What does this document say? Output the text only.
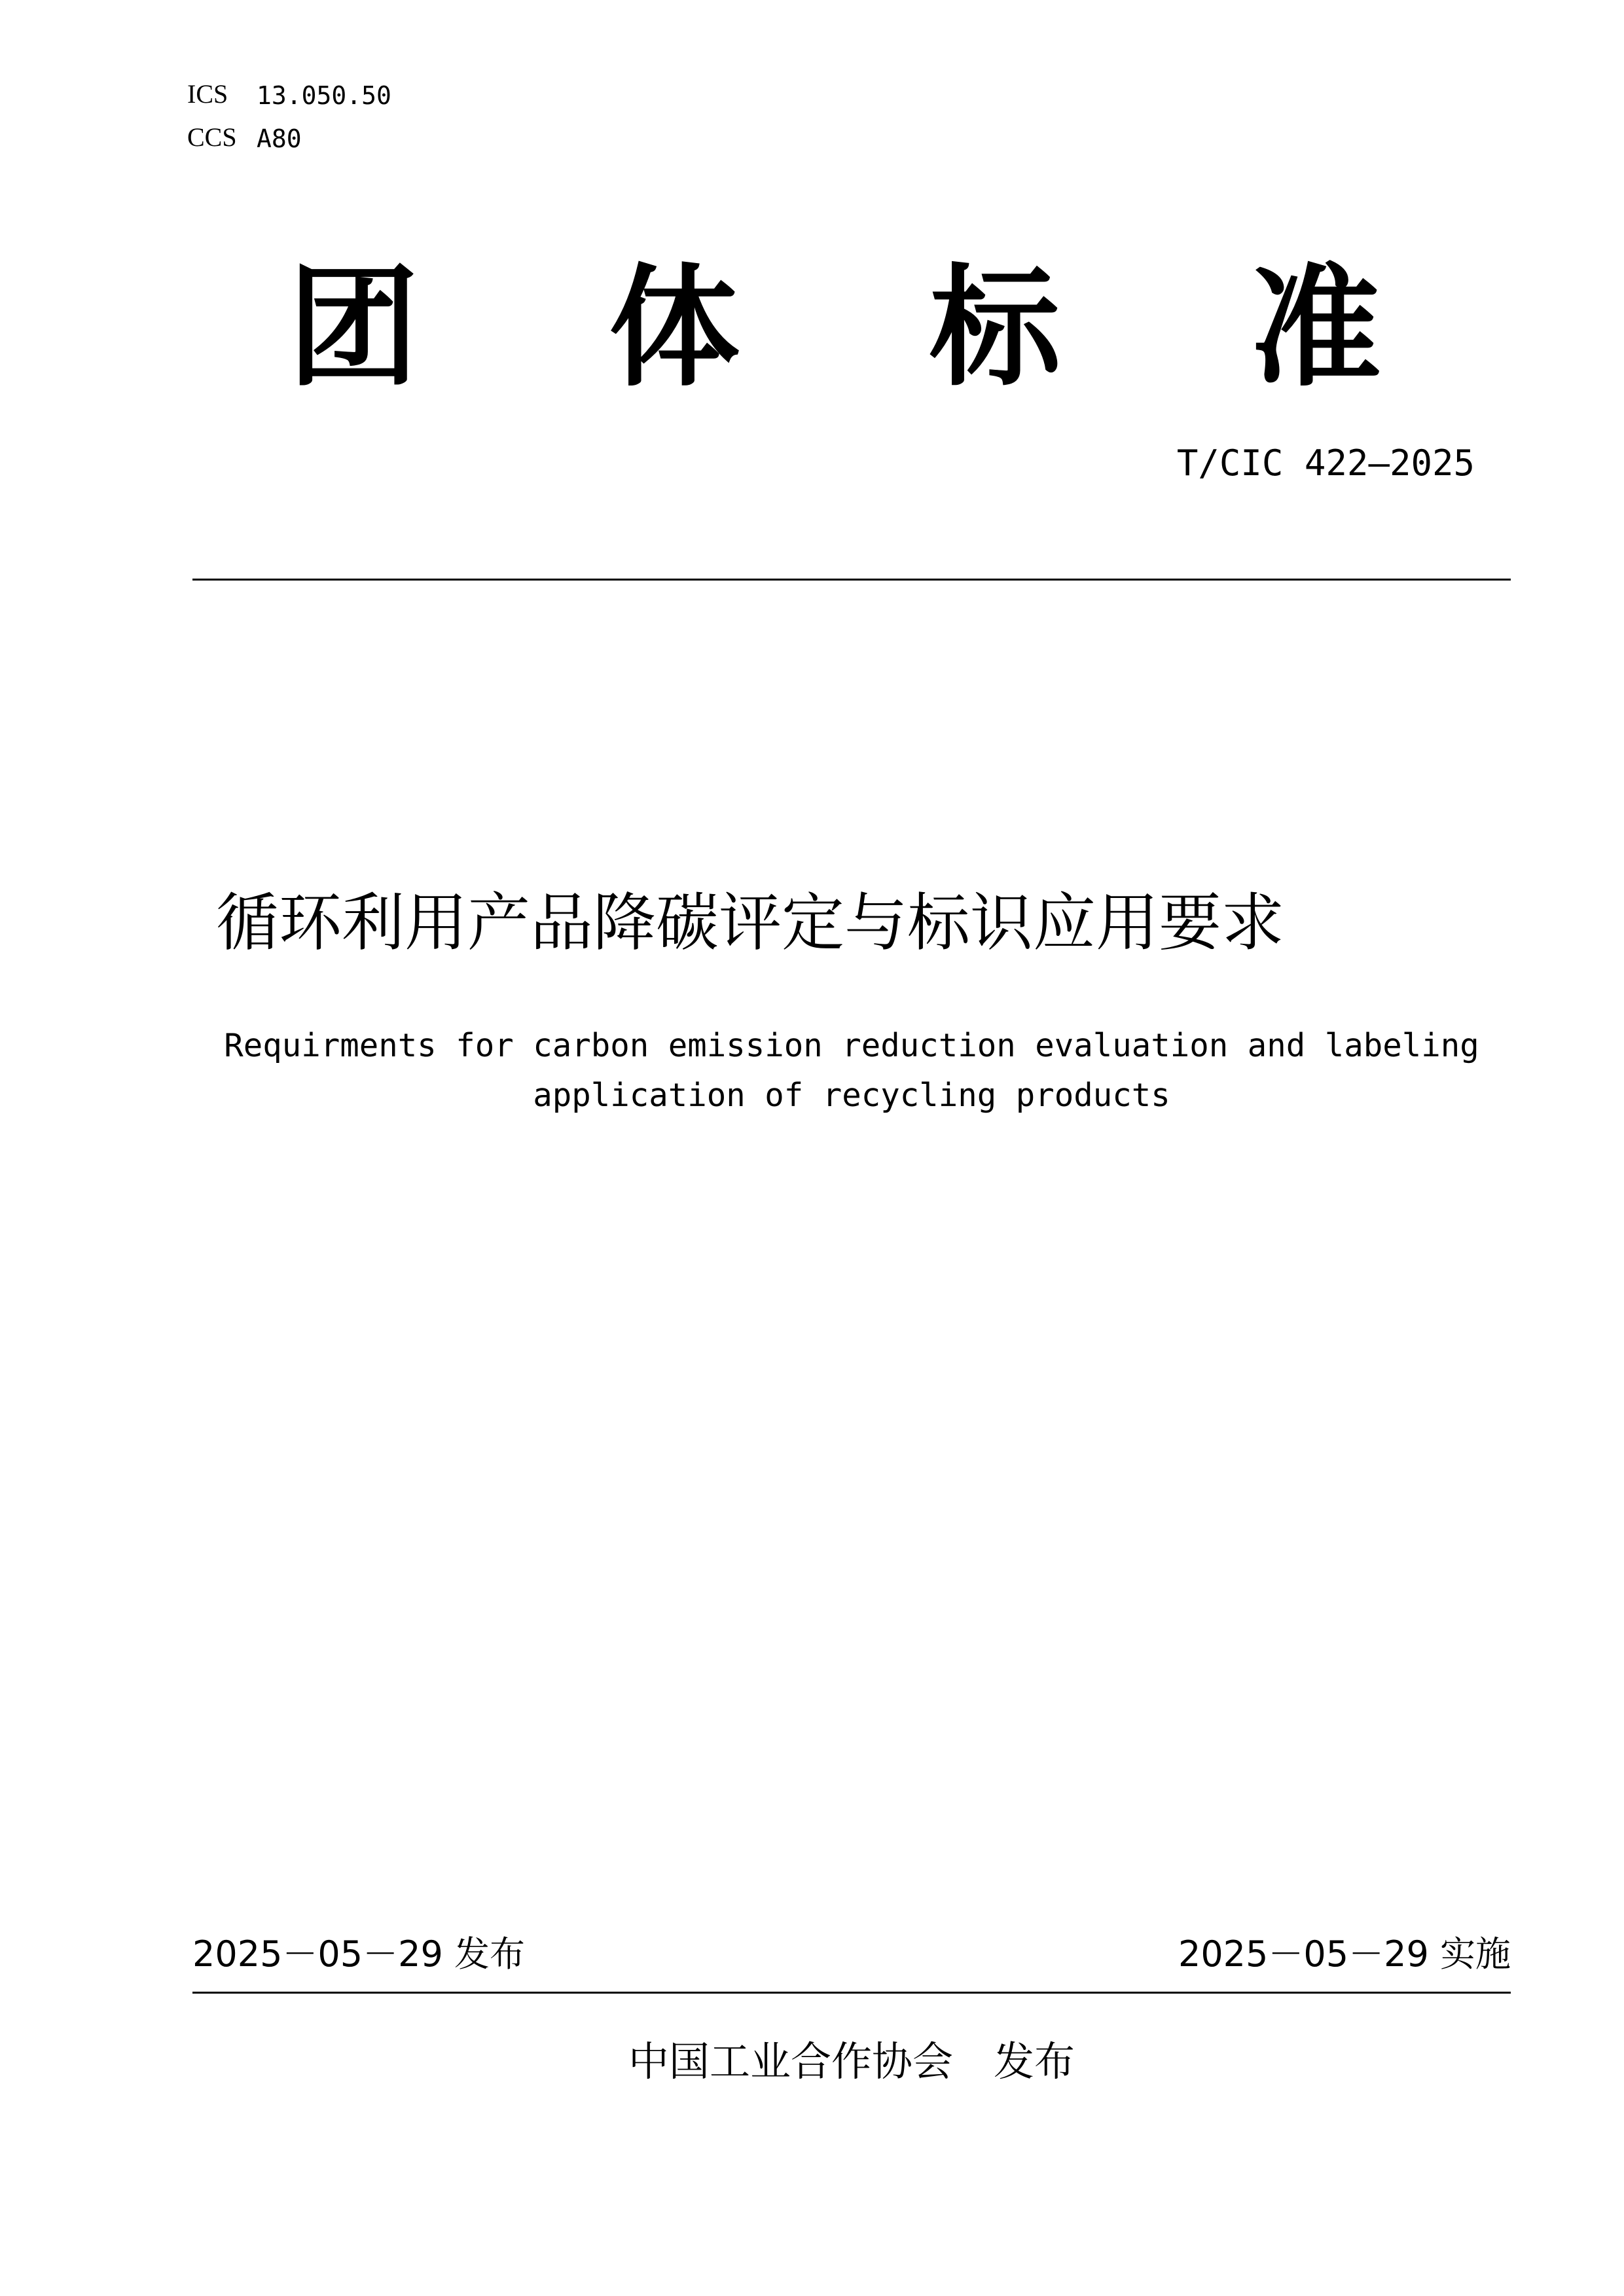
ICS 13.050.50
CCS A80
团 体 标 准
T/CIC 422—2025
循环利用产品降碳评定与标识应用要求
Requirments for carbon emission reduction evaluation and labeling
application of recycling products
2025－05－29 发布	2025－05－29 实施
中国工业合作协会　发布
